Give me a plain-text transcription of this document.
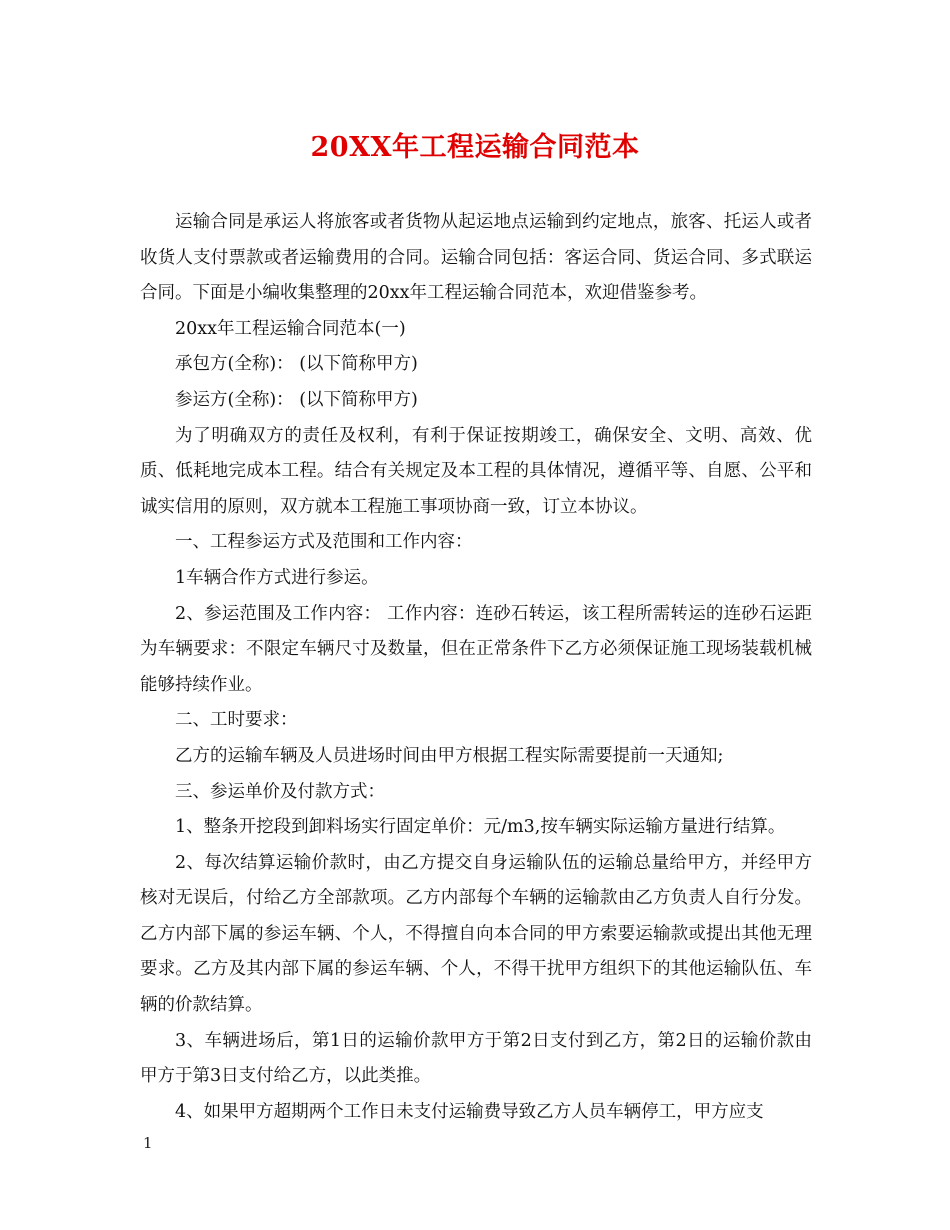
20XX年工程运输合同范本

运输合同是承运人将旅客或者货物从起运地点运输到约定地点，旅客、托运人或者收货人支付票款或者运输费用的合同。运输合同包括：客运合同、货运合同、多式联运合同。下面是小编收集整理的20xx年工程运输合同范本，欢迎借鉴参考。

20xx年工程运输合同范本(一)

承包方(全称)： (以下简称甲方)

参运方(全称)： (以下简称甲方)

为了明确双方的责任及权利，有利于保证按期竣工，确保安全、文明、高效、优质、低耗地完成本工程。结合有关规定及本工程的具体情况，遵循平等、自愿、公平和诚实信用的原则，双方就本工程施工事项协商一致，订立本协议。

一、工程参运方式及范围和工作内容：

1车辆合作方式进行参运。

2、参运范围及工作内容： 工作内容：连砂石转运，该工程所需转运的连砂石运距为车辆要求：不限定车辆尺寸及数量，但在正常条件下乙方必须保证施工现场装载机械能够持续作业。

二、工时要求：

乙方的运输车辆及人员进场时间由甲方根据工程实际需要提前一天通知;

三、参运单价及付款方式：

1、整条开挖段到卸料场实行固定单价：元/m3,按车辆实际运输方量进行结算。

2、每次结算运输价款时，由乙方提交自身运输队伍的运输总量给甲方，并经甲方核对无误后，付给乙方全部款项。乙方内部每个车辆的运输款由乙方负责人自行分发。乙方内部下属的参运车辆、个人，不得擅自向本合同的甲方索要运输款或提出其他无理要求。乙方及其内部下属的参运车辆、个人，不得干扰甲方组织下的其他运输队伍、车辆的价款结算。

3、车辆进场后，第1日的运输价款甲方于第2日支付到乙方，第2日的运输价款由甲方于第3日支付给乙方，以此类推。

4、如果甲方超期两个工作日未支付运输费导致乙方人员车辆停工，甲方应支

1
